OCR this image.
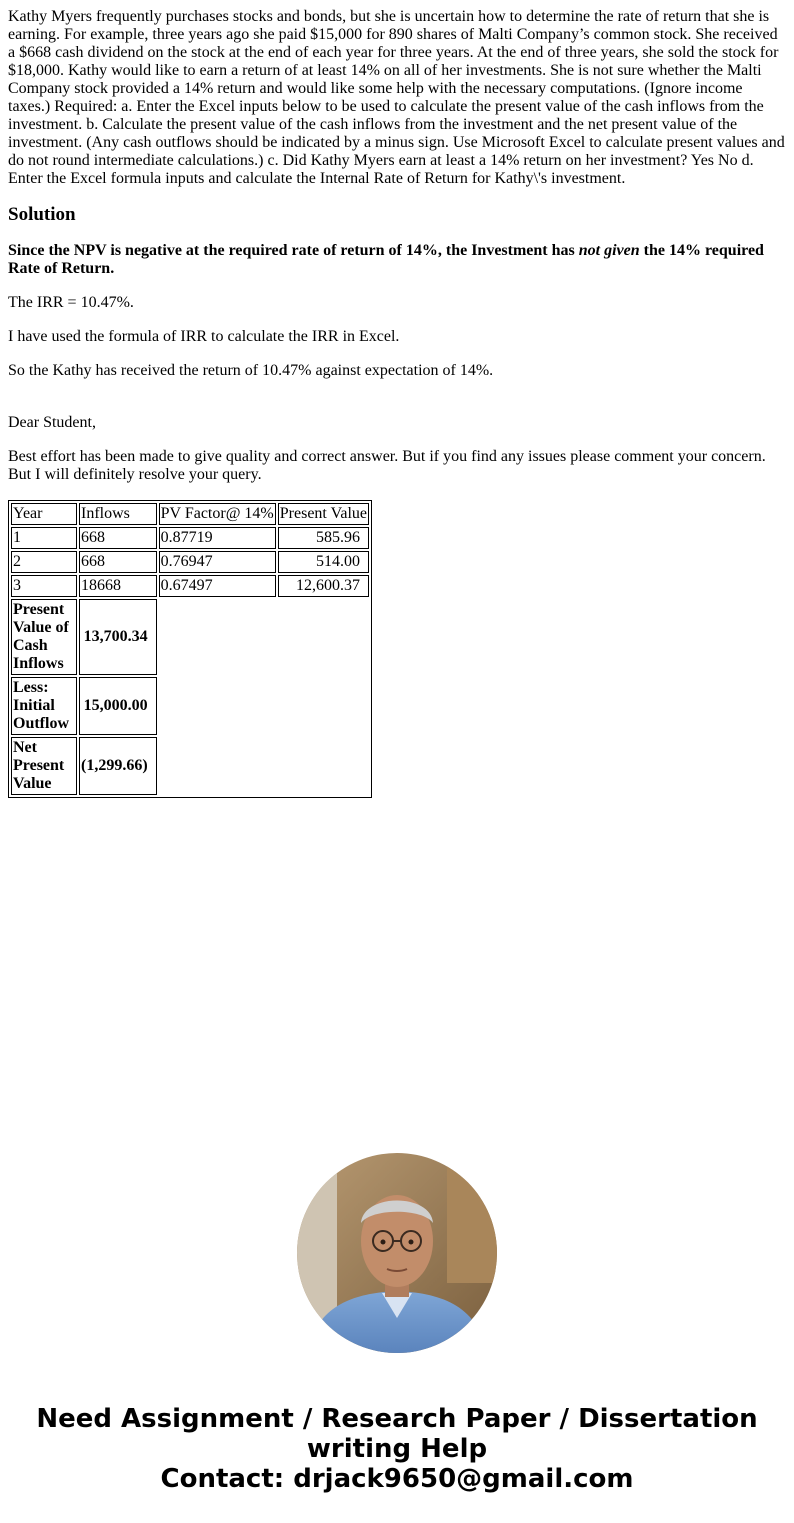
Kathy Myers frequently purchases stocks and bonds, but she is uncertain how to determine the rate of return that she is earning. For example, three years ago she paid $15,000 for 890 shares of Malti Company’s common stock. She received a $668 cash dividend on the stock at the end of each year for three years. At the end of three years, she sold the stock for $18,000. Kathy would like to earn a return of at least 14% on all of her investments. She is not sure whether the Malti Company stock provided a 14% return and would like some help with the necessary computations. (Ignore income taxes.) Required: a. Enter the Excel inputs below to be used to calculate the present value of the cash inflows from the investment. b. Calculate the present value of the cash inflows from the investment and the net present value of the investment. (Any cash outflows should be indicated by a minus sign. Use Microsoft Excel to calculate present values and do not round intermediate calculations.) c. Did Kathy Myers earn at least a 14% return on her investment? Yes No d. Enter the Excel formula inputs and calculate the Internal Rate of Return for Kathy\'s investment.

Solution
Since the NPV is negative at the required rate of return of 14%, the Investment has not given the 14% required Rate of Return.

The IRR = 10.47%.

I have used the formula of IRR to calculate the IRR in Excel.

So the Kathy has received the return of 10.47% against expectation of 14%.

Dear Student,

Best effort has been made to give quality and correct answer. But if you find any issues please comment your concern. But I will definitely resolve your query.

Year	Inflows	PV Factor@ 14%	Present Value
1	668	0.87719	585.96
2	668	0.76947	514.00
3	18668	0.67497	12,600.37
Present Value of Cash Inflows	13,700.34		
Less: Initial Outflow	15,000.00		
Net Present Value	(1,299.66)		
Need Assignment / Research Paper / Dissertation
writing Help
Contact: drjack9650@gmail.com
